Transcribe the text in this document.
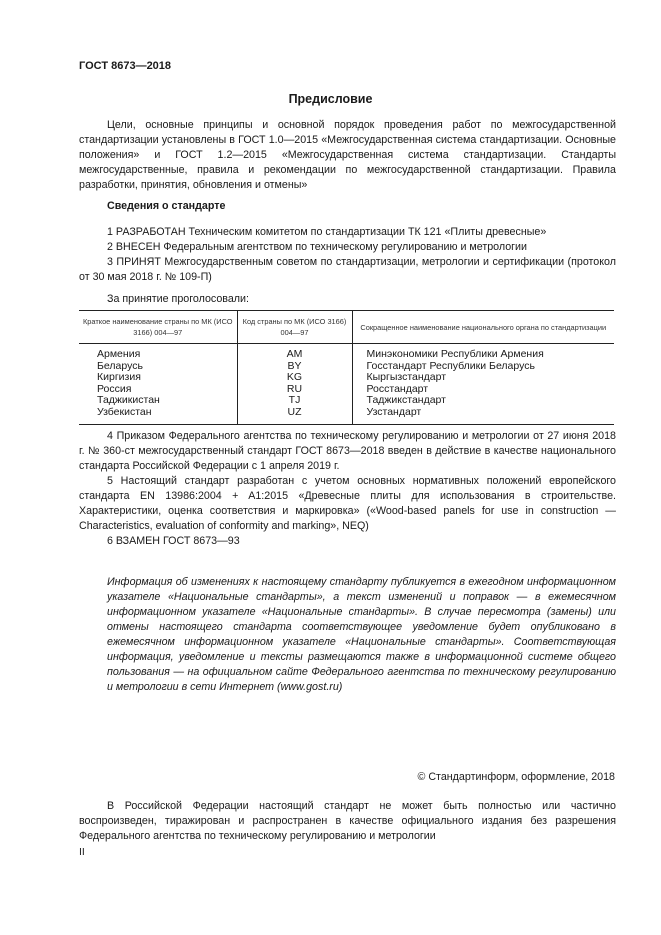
ГОСТ 8673—2018
Предисловие

Цели, основные принципы и основной порядок проведения работ по межгосударственной стандартизации установлены в ГОСТ 1.0—2015 «Межгосударственная система стандартизации. Основные положения» и ГОСТ 1.2—2015 «Межгосударственная система стандартизации. Стандарты межгосударственные, правила и рекомендации по межгосударственной стандартизации. Правила разработки, принятия, обновления и отмены»

Сведения о стандарте

1 РАЗРАБОТАН Техническим комитетом по стандартизации ТК 121 «Плиты древесные»

2 ВНЕСЕН Федеральным агентством по техническому регулированию и метрологии

3 ПРИНЯТ Межгосударственным советом по стандартизации, метрологии и сертификации (протокол от 30 мая 2018 г. № 109-П)

За принятие проголосовали:

Краткое наименование страны по МК (ИСО 3166) 004—97	Код страны по МК (ИСО 3166) 004—97	Сокращенное наименование национального органа по стандартизации
Армения	AM	Минэкономики Республики Армения
Беларусь	BY	Госстандарт Республики Беларусь
Киргизия	KG	Кыргызстандарт
Россия	RU	Росстандарт
Таджикистан	TJ	Таджикстандарт
Узбекистан	UZ	Узстандарт

4 Приказом Федерального агентства по техническому регулированию и метрологии от 27 июня 2018 г. № 360-ст межгосударственный стандарт ГОСТ 8673—2018 введен в действие в качестве национального стандарта Российской Федерации с 1 апреля 2019 г.

5 Настоящий стандарт разработан с учетом основных нормативных положений европейского стандарта EN 13986:2004 + A1:2015 «Древесные плиты для использования в строительстве. Характеристики, оценка соответствия и маркировка» («Wood-based panels for use in construction — Characteristics, evaluation of conformity and marking», NEQ)

6 ВЗАМЕН ГОСТ 8673—93

Информация об изменениях к настоящему стандарту публикуется в ежегодном информационном указателе «Национальные стандарты», а текст изменений и поправок — в ежемесячном информационном указателе «Национальные стандарты». В случае пересмотра (замены) или отмены настоящего стандарта соответствующее уведомление будет опубликовано в ежемесячном информационном указателе «Национальные стандарты». Соответствующая информация, уведомление и тексты размещаются также в информационной системе общего пользования — на официальном сайте Федерального агентства по техническому регулированию и метрологии в сети Интернет (www.gost.ru)

© Стандартинформ, оформление, 2018

В Российской Федерации настоящий стандарт не может быть полностью или частично воспроизведен, тиражирован и распространен в качестве официального издания без разрешения Федерального агентства по техническому регулированию и метрологии

II
